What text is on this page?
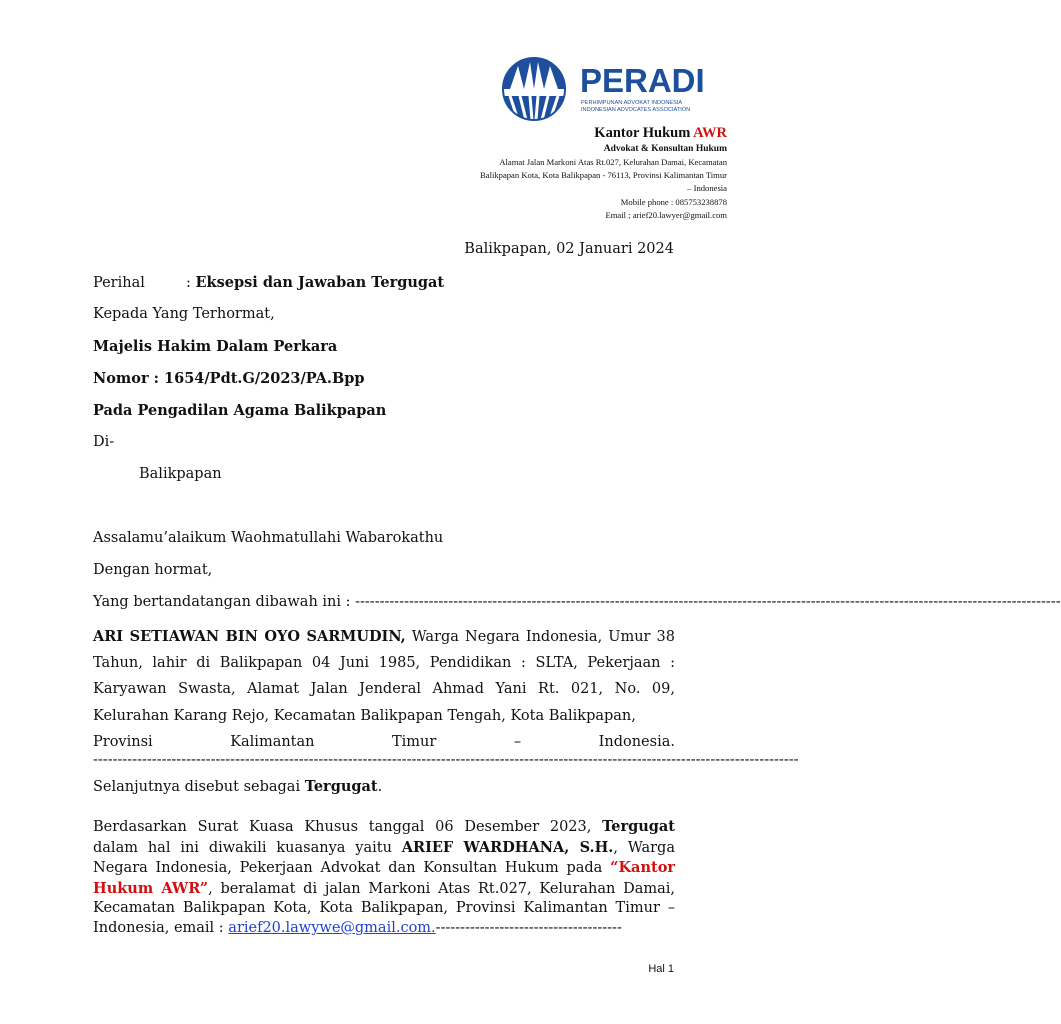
PERADI
PERHIMPUNAN ADVOKAT INDONESIA
INDONESIAN ADVOCATES ASSOCIATION
Kantor Hukum AWR
Advokat & Konsultan Hukum
Alamat Jalan Markoni Atas Rt.027, Kelurahan Damai, Kecamatan
Balikpapan Kota, Kota Balikpapan - 76113, Provinsi Kalimantan Timur
– Indonesia
Mobile phone : 085753238878
Email ; arief20.lawyer@gmail.com
Balikpapan, 02 Januari 2024
Perihal	: Eksepsi dan Jawaban Tergugat
Kepada Yang Terhormat,
Majelis Hakim Dalam Perkara
Nomor : 1654/Pdt.G/2023/PA.Bpp
Pada Pengadilan Agama Balikpapan
Di-
Balikpapan
Assalamu’alaikum Waohmatullahi Wabarokathu
Dengan hormat,
Yang bertandatangan dibawah ini : ------------------------------------------------------------------------------------------------------------------------------------------------
ARI SETIAWAN BIN OYO SARMUDIN, Warga Negara Indonesia, Umur 38 Tahun, lahir di Balikpapan 04 Juni 1985, Pendidikan : SLTA, Pekerjaan : Karyawan Swasta, Alamat Jalan Jenderal Ahmad Yani Rt. 021, No. 09, Kelurahan Karang Rejo, Kecamatan Balikpapan Tengah, Kota Balikpapan,
Provinsi	Kalimantan	Timur	–	Indonesia.
------------------------------------------------------------------------------------------------------------------------------------------------
Selanjutnya disebut sebagai Tergugat.
Berdasarkan Surat Kuasa Khusus tanggal 06 Desember 2023, Tergugat dalam hal ini diwakili kuasanya yaitu ARIEF WARDHANA, S.H., Warga Negara Indonesia, Pekerjaan Advokat dan Konsultan Hukum pada “Kantor Hukum AWR”, beralamat di jalan Markoni Atas Rt.027, Kelurahan Damai, Kecamatan Balikpapan Kota, Kota Balikpapan, Provinsi Kalimantan Timur – Indonesia, email : arief20.lawywe@gmail.com.--------------------------------------
Hal 1
